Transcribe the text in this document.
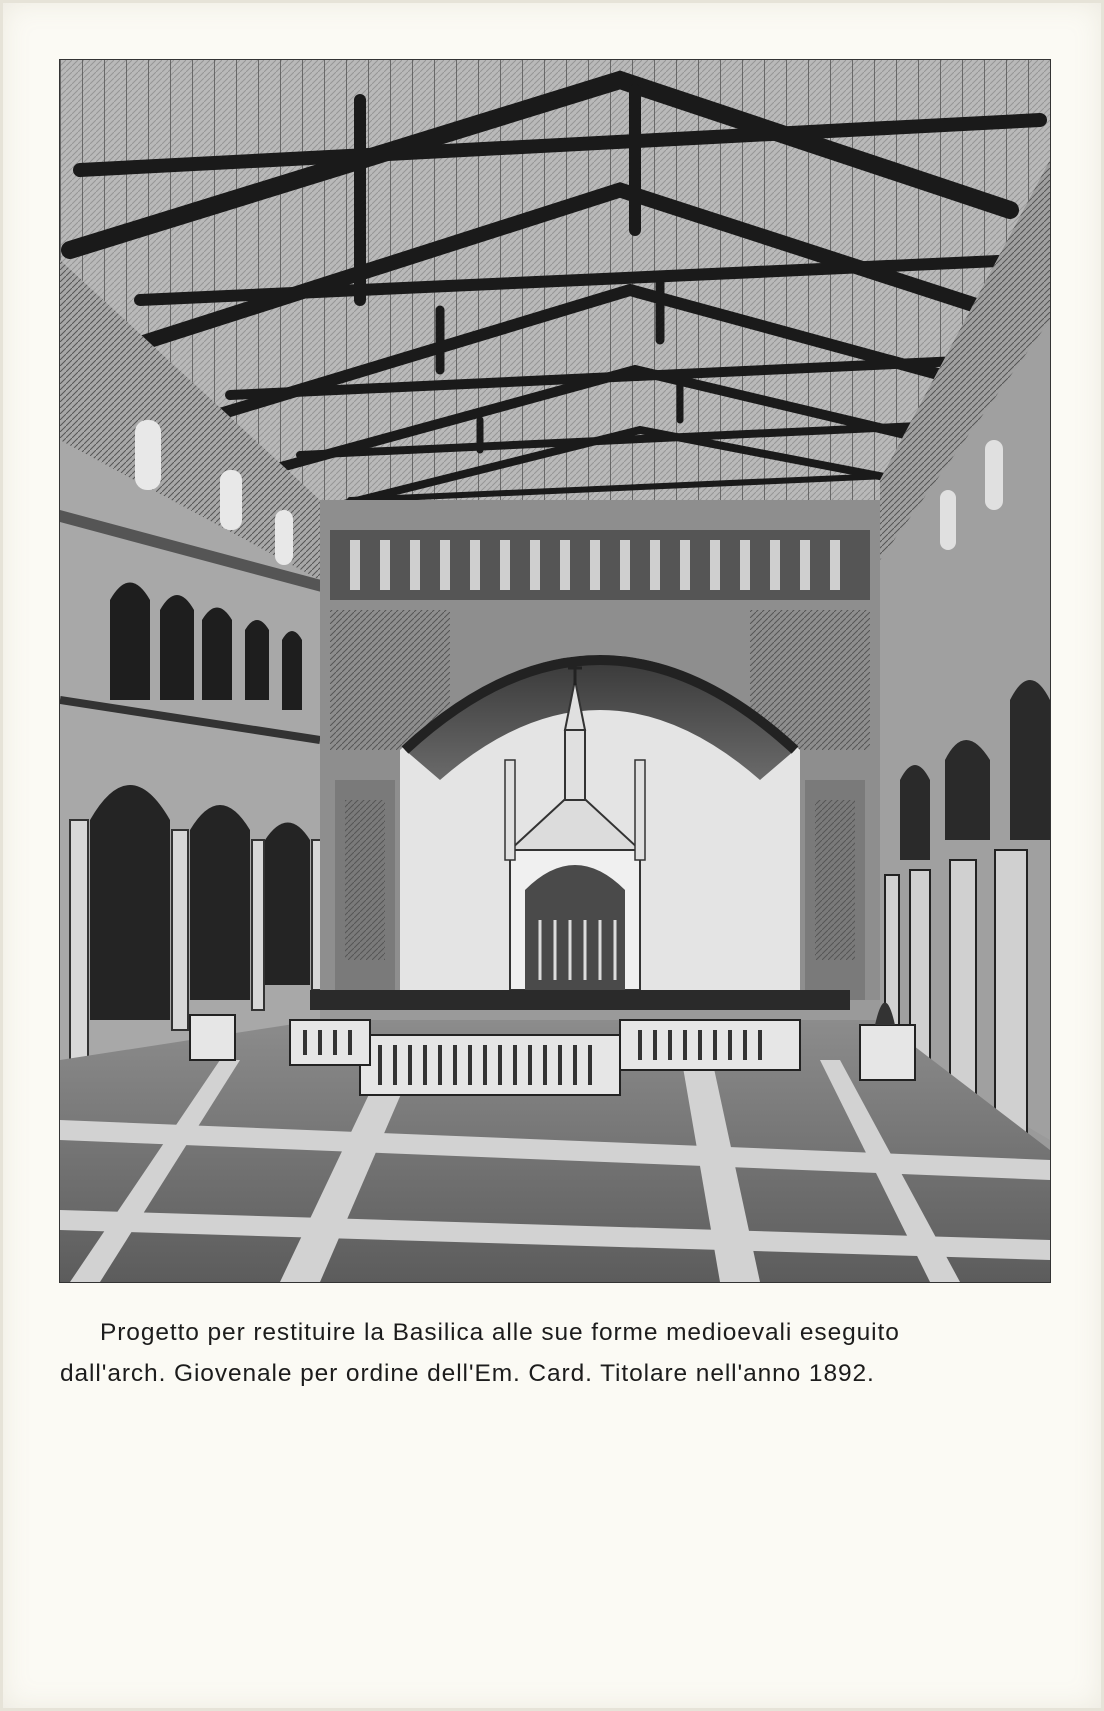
Progetto per restituire la Basilica alle sue forme medioevali eseguito

dall'arch. Giovenale per ordine dell'Em. Card. Titolare nell'anno 1892.
